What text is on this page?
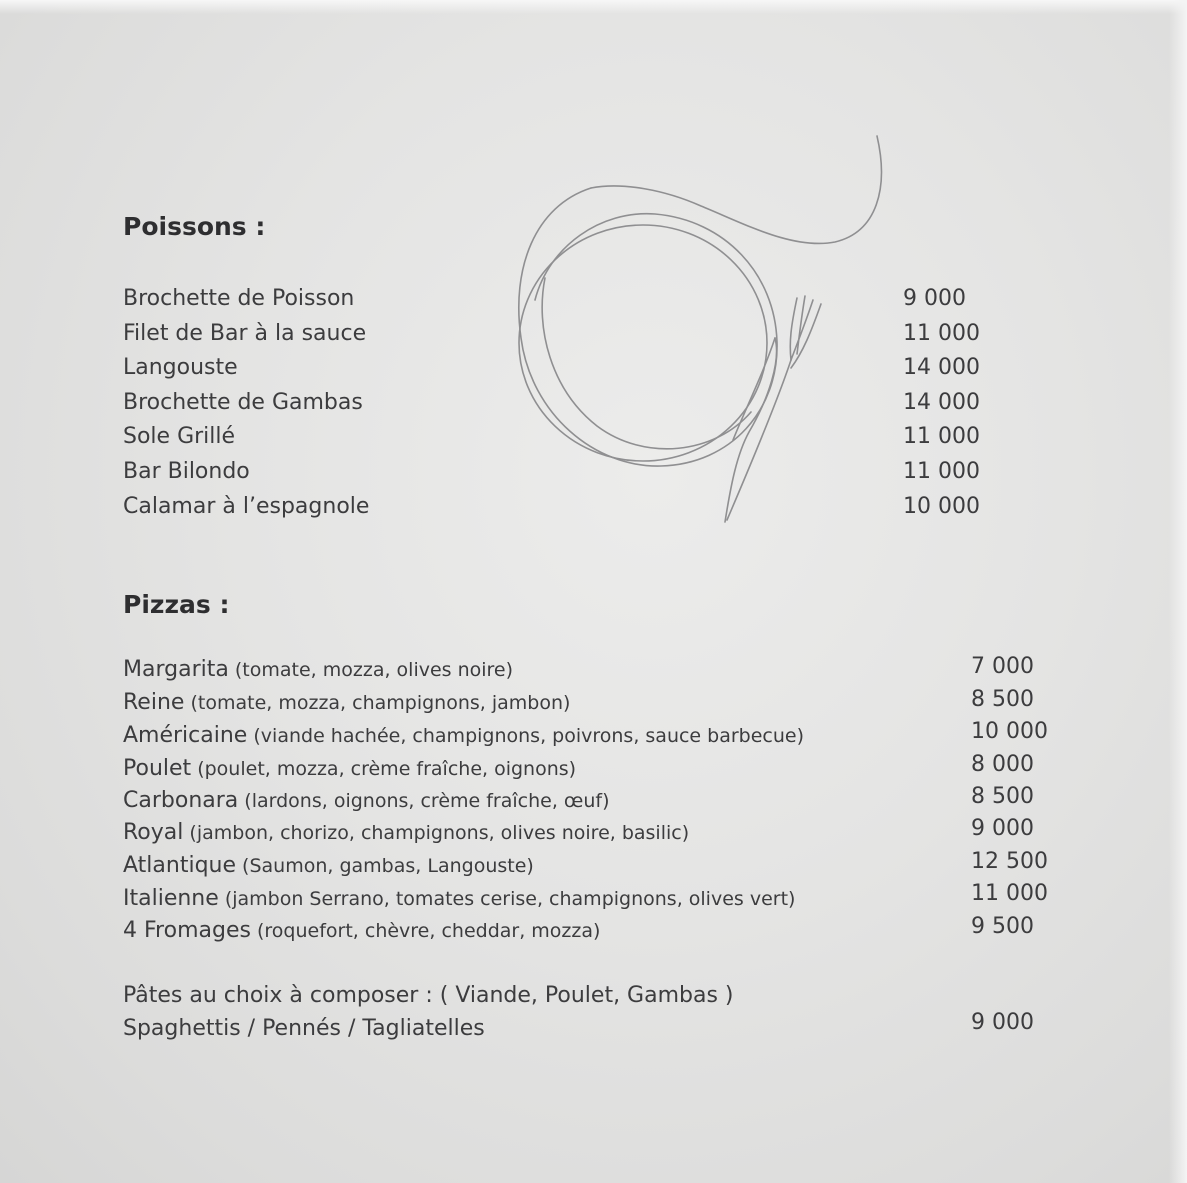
Poissons :
Brochette de Poisson	9 000
Filet de Bar à la sauce	11 000
Langouste	14 000
Brochette de Gambas	14 000
Sole Grillé	11 000
Bar Bilondo	11 000
Calamar à l’espagnole	10 000
Pizzas :
Margarita (tomate, mozza, olives noire)	7 000
Reine (tomate, mozza, champignons, jambon)	8 500
Américaine (viande hachée, champignons, poivrons, sauce barbecue)	10 000
Poulet (poulet, mozza, crème fraîche, oignons)	8 000
Carbonara (lardons, oignons, crème fraîche, œuf)	8 500
Royal (jambon, chorizo, champignons, olives noire, basilic)	9 000
Atlantique (Saumon, gambas, Langouste)	12 500
Italienne (jambon Serrano, tomates cerise, champignons, olives vert)	11 000
4 Fromages (roquefort, chèvre, cheddar, mozza)	9 500
Pâtes au choix à composer : ( Viande, Poulet, Gambas )
Spaghettis / Pennés / Tagliatelles	9 000
